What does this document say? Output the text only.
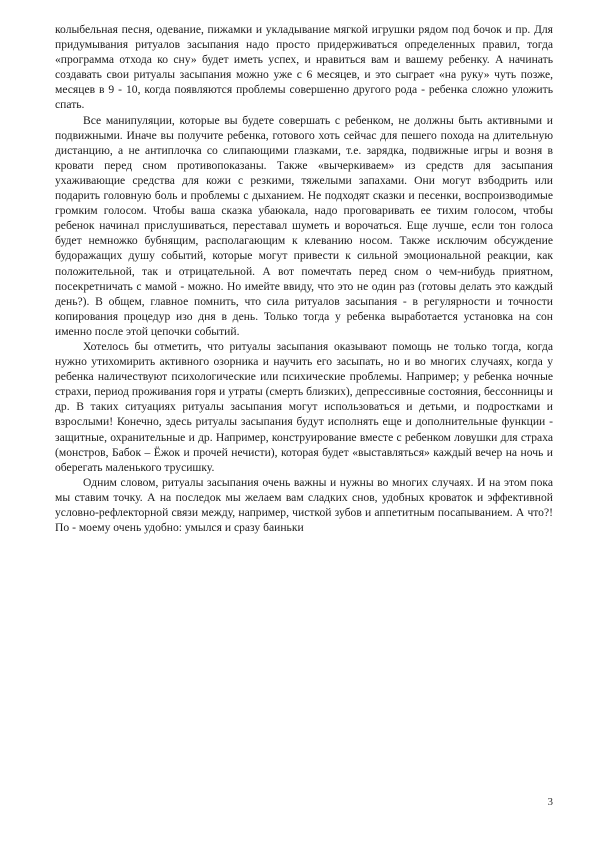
колыбельная песня, одевание, пижамки и укладывание мягкой игрушки рядом под бочок и пр. Для придумывания ритуалов засыпания надо просто придерживаться определенных правил, тогда «программа отхода ко сну» будет иметь успех, и нравиться вам и вашему ребенку. А начинать создавать свои ритуалы засыпания можно уже с 6 месяцев, и это сыграет «на руку» чуть позже, месяцев в 9 - 10, когда появляются проблемы совершенно другого рода - ребенка сложно уложить спать.

Все манипуляции, которые вы будете совершать с ребенком, не должны быть активными и подвижными. Иначе вы получите ребенка, готового хоть сейчас для пешего похода на длительную дистанцию, а не антиплочка со слипающими глазками, т.е. зарядка, подвижные игры и возня в кровати перед сном противопоказаны. Также «вычеркиваем» из средств для засыпания ухаживающие средства для кожи с резкими, тяжелыми запахами. Они могут взбодрить или подарить головную боль и проблемы с дыханием. Не подходят сказки и песенки, воспроизводимые громким голосом. Чтобы ваша сказка убаюкала, надо проговаривать ее тихим голосом, чтобы ребенок начинал прислушиваться, переставал шуметь и ворочаться. Еще лучше, если тон голоса будет немножко бубнящим, располагающим к клеванию носом. Также исключим обсуждение будоражащих душу событий, которые могут привести к сильной эмоциональной реакции, как положительной, так и отрицательной. А вот помечтать перед сном о чем-нибудь приятном, посекретничать с мамой - можно. Но имейте ввиду, что это не один раз (готовы делать это каждый день?). В общем, главное помнить, что сила ритуалов засыпания - в регулярности и точности копирования процедур изо дня в день. Только тогда у ребенка выработается установка на сон именно после этой цепочки событий.

Хотелось бы отметить, что ритуалы засыпания оказывают помощь не только тогда, когда нужно утихомирить активного озорника и научить его засыпать, но и во многих случаях, когда у ребенка наличествуют психологические или психические проблемы. Например; у ребенка ночные страхи, период проживания горя и утраты (смерть близких), депрессивные состояния, бессонницы и др. В таких ситуациях ритуалы засыпания могут использоваться и детьми, и подростками и взрослыми! Конечно, здесь ритуалы засыпания будут исполнять еще и дополнительные функции - защитные, охранительные и др. Например, конструирование вместе с ребенком ловушки для страха (монстров, Бабок – Ёжок и прочей нечисти), которая будет «выставляться» каждый вечер на ночь и оберегать маленького трусишку.

Одним словом, ритуалы засыпания очень важны и нужны во многих случаях. И на этом пока мы ставим точку. А на последок мы желаем вам сладких снов, удобных кроваток и эффективной условно-рефлекторной связи между, например, чисткой зубов и аппетитным посапыванием. А что?! По - моему очень удобно: умылся и сразу баиньки

3
